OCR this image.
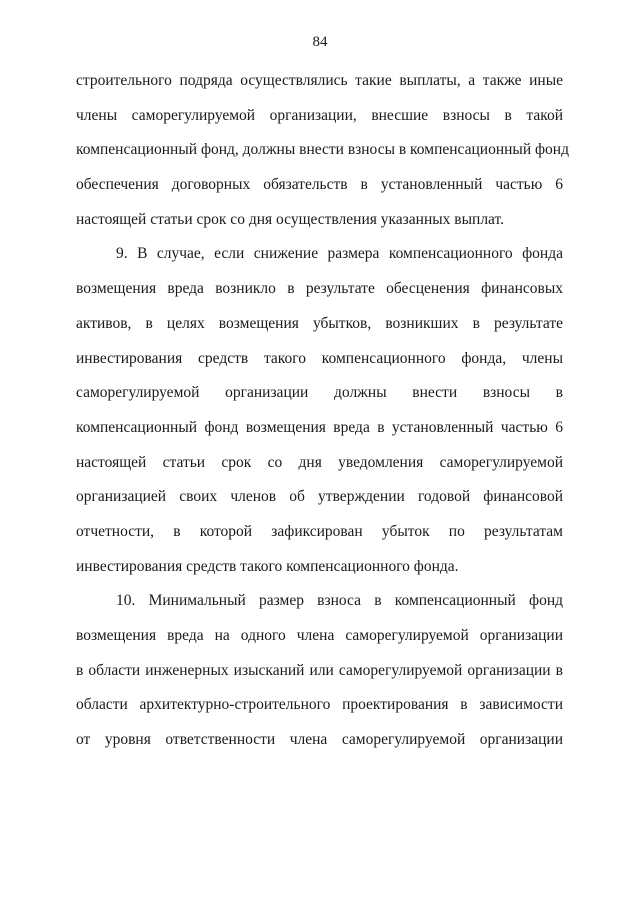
84
строительного подряда осуществлялись такие выплаты, а также иные
члены саморегулируемой организации, внесшие взносы в такой
компенсационный фонд, должны внести взносы в компенсационный фонд
обеспечения договорных обязательств в установленный частью 6
настоящей статьи срок со дня осуществления указанных выплат.
9. В случае, если снижение размера компенсационного фонда
возмещения вреда возникло в результате обесценения финансовых
активов, в целях возмещения убытков, возникших в результате
инвестирования средств такого компенсационного фонда, члены
саморегулируемой организации должны внести взносы в
компенсационный фонд возмещения вреда в установленный частью 6
настоящей статьи срок со дня уведомления саморегулируемой
организацией своих членов об утверждении годовой финансовой
отчетности, в которой зафиксирован убыток по результатам
инвестирования средств такого компенсационного фонда.
10. Минимальный размер взноса в компенсационный фонд
возмещения вреда на одного члена саморегулируемой организации
в области инженерных изысканий или саморегулируемой организации в
области архитектурно-строительного проектирования в зависимости
от уровня ответственности члена саморегулируемой организации
